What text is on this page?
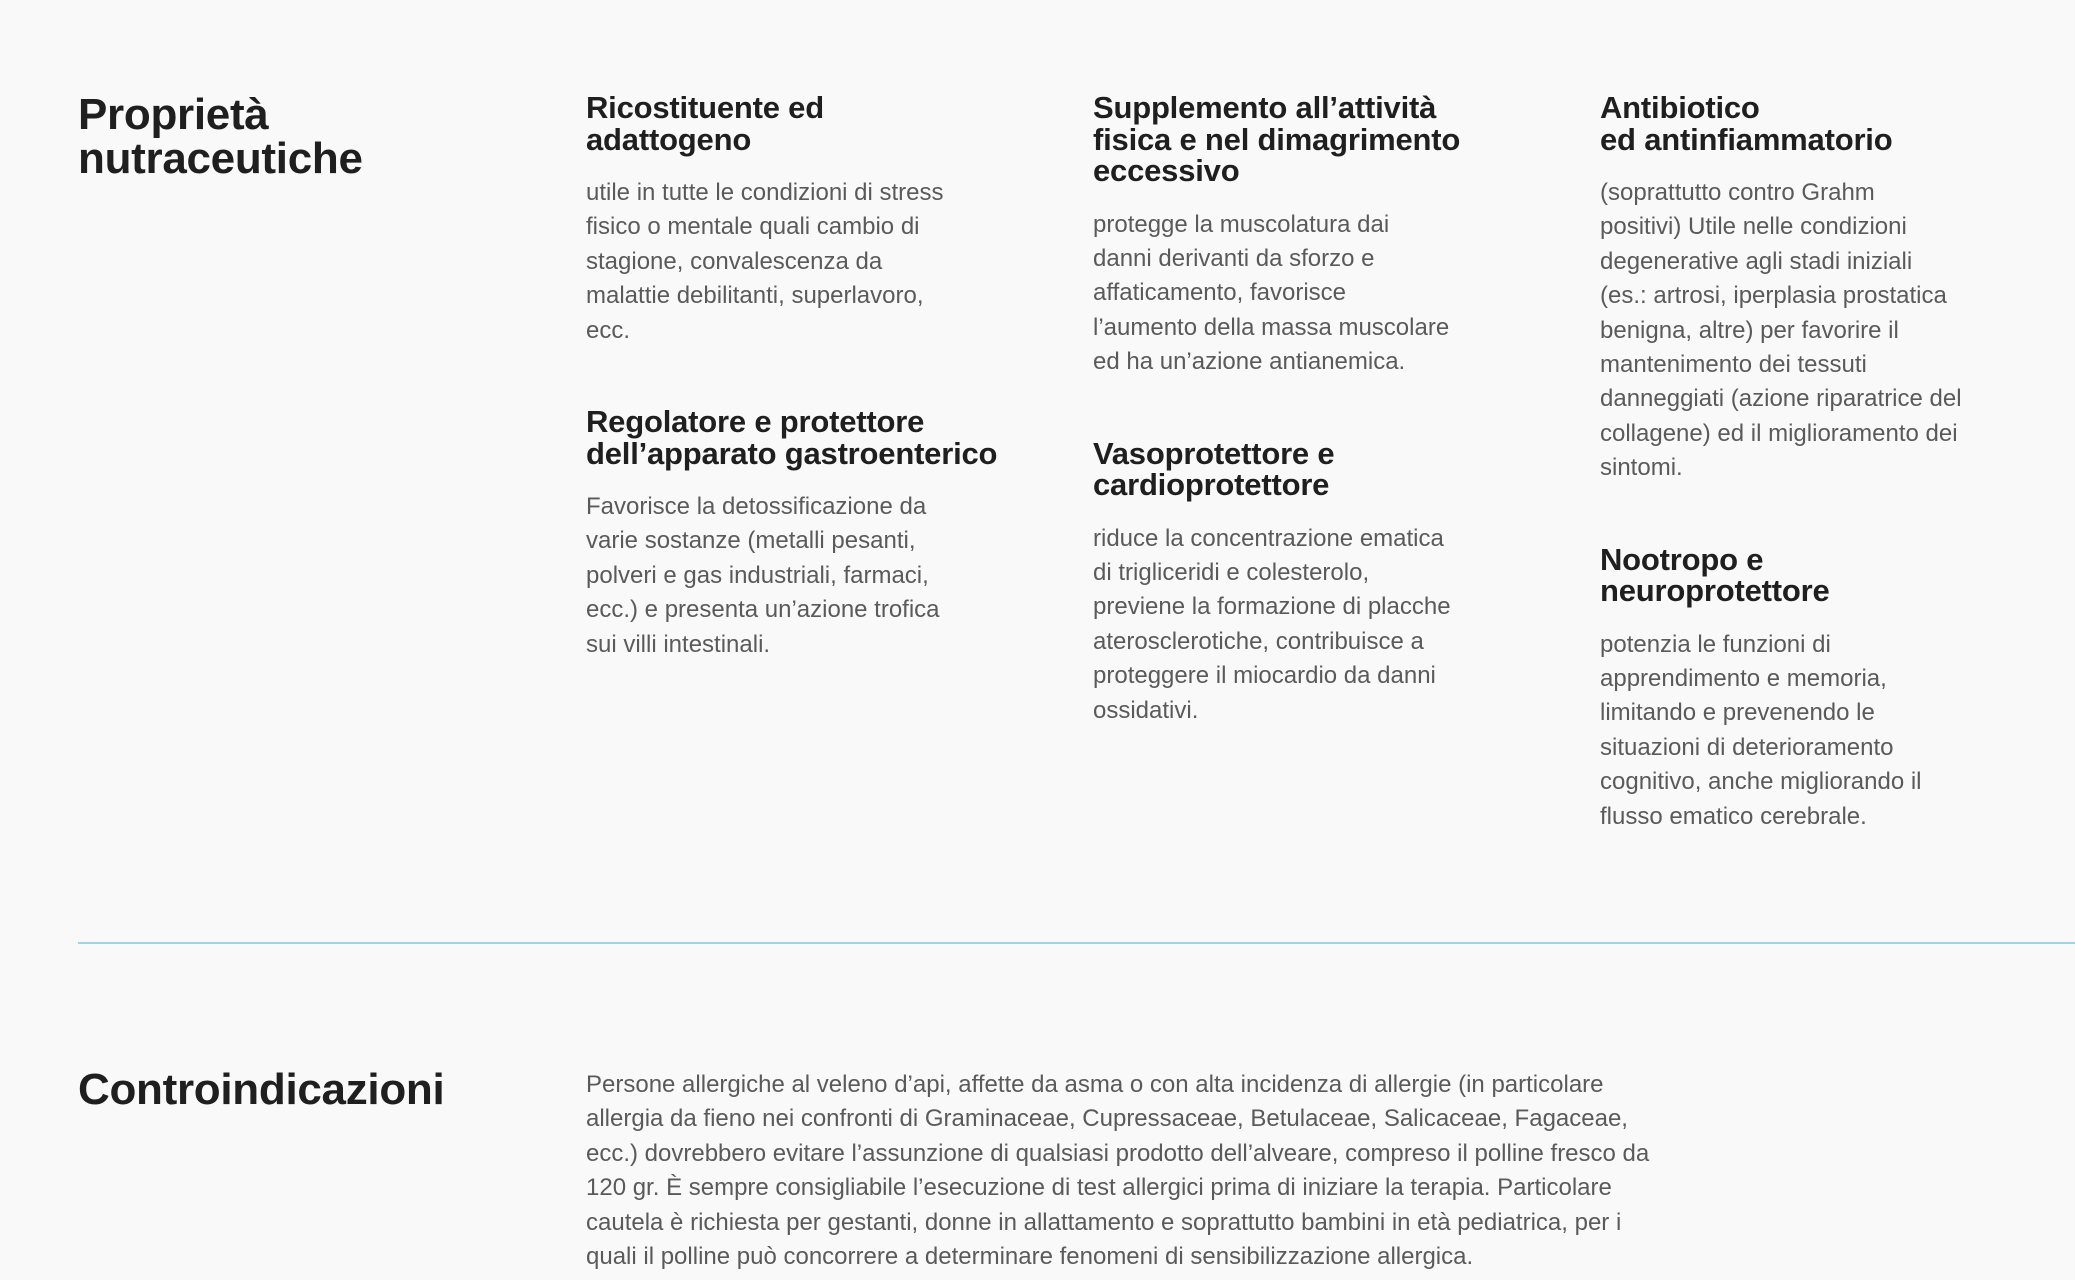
Proprietà
nutraceutiche
Ricostituente ed
adattogeno

utile in tutte le condizioni di stress
fisico o mentale quali cambio di
stagione, convalescenza da
malattie debilitanti, superlavoro,
ecc.

Regolatore e protettore
dell’apparato gastroenterico

Favorisce la detossificazione da
varie sostanze (metalli pesanti,
polveri e gas industriali, farmaci,
ecc.) e presenta un’azione trofica
sui villi intestinali.

Supplemento all’attività
fisica e nel dimagrimento
eccessivo

protegge la muscolatura dai
danni derivanti da sforzo e
affaticamento, favorisce
l’aumento della massa muscolare
ed ha un’azione antianemica.

Vasoprotettore e
cardioprotettore

riduce la concentrazione ematica
di trigliceridi e colesterolo,
previene la formazione di placche
aterosclerotiche, contribuisce a
proteggere il miocardio da danni
ossidativi.

Antibiotico
ed antinfiammatorio

(soprattutto contro Grahm
positivi) Utile nelle condizioni
degenerative agli stadi iniziali
(es.: artrosi, iperplasia prostatica
benigna, altre) per favorire il
mantenimento dei tessuti
danneggiati (azione riparatrice del
collagene) ed il miglioramento dei
sintomi.

Nootropo e
neuroprotettore

potenzia le funzioni di
apprendimento e memoria,
limitando e prevenendo le
situazioni di deterioramento
cognitivo, anche migliorando il
flusso ematico cerebrale.

Controindicazioni	Persone allergiche al veleno d’api, affette da asma o con alta incidenza di allergie (in particolare
allergia da fieno nei confronti di Graminaceae, Cupressaceae, Betulaceae, Salicaceae, Fagaceae,
ecc.) dovrebbero evitare l’assunzione di qualsiasi prodotto dell’alveare, compreso il polline fresco da
120 gr. È sempre consigliabile l’esecuzione di test allergici prima di iniziare la terapia. Particolare
cautela è richiesta per gestanti, donne in allattamento e soprattutto bambini in età pediatrica, per i
quali il polline può concorrere a determinare fenomeni di sensibilizzazione allergica.
